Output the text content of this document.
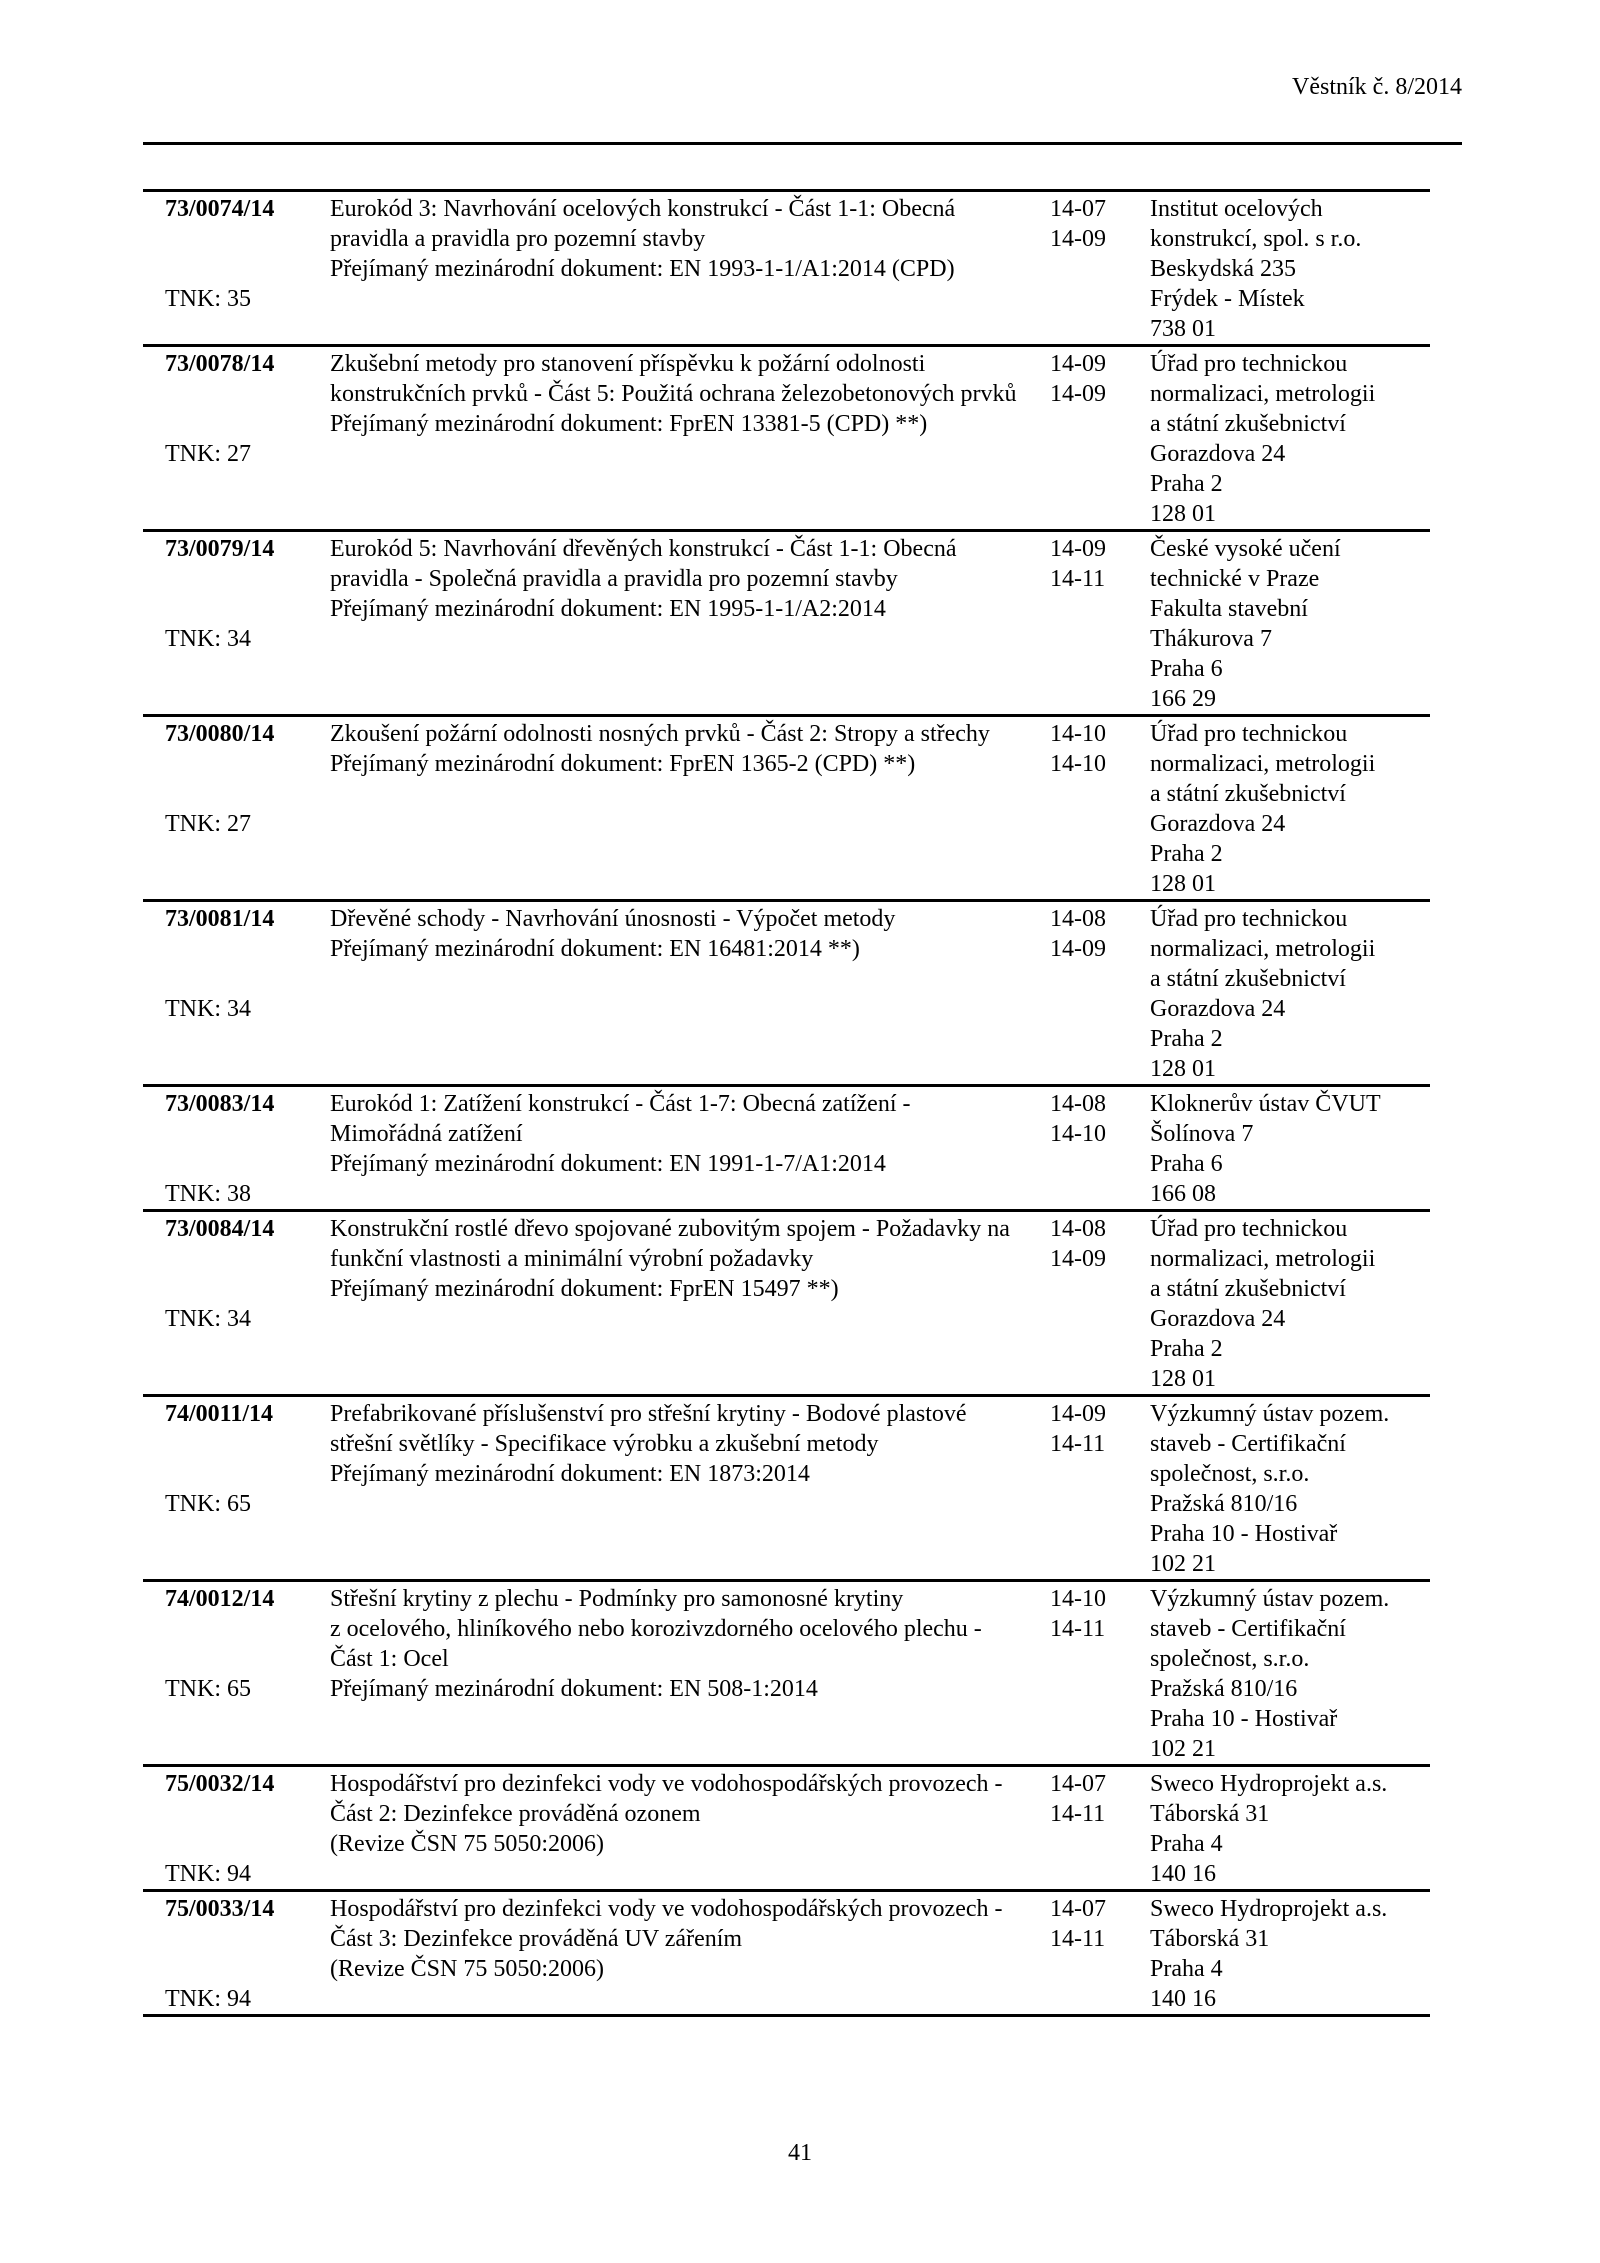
Věstník č. 8/2014
73/0074/14
TNK: 35
Eurokód 3: Navrhování ocelových konstrukcí - Část 1-1: Obecná
pravidla a pravidla pro pozemní stavby
Přejímaný mezinárodní dokument: EN 1993-1-1/A1:2014 (CPD)
14-07
14-09
Institut ocelových
konstrukcí, spol. s r.o.
Beskydská 235
Frýdek - Místek
738 01
73/0078/14
TNK: 27
Zkušební metody pro stanovení příspěvku k požární odolnosti
konstrukčních prvků - Část 5: Použitá ochrana železobetonových prvků
Přejímaný mezinárodní dokument: FprEN 13381-5 (CPD) **)
14-09
14-09
Úřad pro technickou
normalizaci, metrologii
a státní zkušebnictví
Gorazdova 24
Praha 2
128 01
73/0079/14
TNK: 34
Eurokód 5: Navrhování dřevěných konstrukcí - Část 1-1: Obecná
pravidla - Společná pravidla a pravidla pro pozemní stavby
Přejímaný mezinárodní dokument: EN 1995-1-1/A2:2014
14-09
14-11
České vysoké učení
technické v Praze
Fakulta stavební
Thákurova 7
Praha 6
166 29
73/0080/14
TNK: 27
Zkoušení požární odolnosti nosných prvků - Část 2: Stropy a střechy
Přejímaný mezinárodní dokument: FprEN 1365-2 (CPD) **)
14-10
14-10
Úřad pro technickou
normalizaci, metrologii
a státní zkušebnictví
Gorazdova 24
Praha 2
128 01
73/0081/14
TNK: 34
Dřevěné schody - Navrhování únosnosti - Výpočet metody
Přejímaný mezinárodní dokument: EN 16481:2014 **)
14-08
14-09
Úřad pro technickou
normalizaci, metrologii
a státní zkušebnictví
Gorazdova 24
Praha 2
128 01
73/0083/14
TNK: 38
Eurokód 1: Zatížení konstrukcí - Část 1-7: Obecná zatížení -
Mimořádná zatížení
Přejímaný mezinárodní dokument: EN 1991-1-7/A1:2014
14-08
14-10
Kloknerův ústav ČVUT
Šolínova 7
Praha 6
166 08
73/0084/14
TNK: 34
Konstrukční rostlé dřevo spojované zubovitým spojem - Požadavky na
funkční vlastnosti a minimální výrobní požadavky
Přejímaný mezinárodní dokument: FprEN 15497 **)
14-08
14-09
Úřad pro technickou
normalizaci, metrologii
a státní zkušebnictví
Gorazdova 24
Praha 2
128 01
74/0011/14
TNK: 65
Prefabrikované příslušenství pro střešní krytiny - Bodové plastové
střešní světlíky - Specifikace výrobku a zkušební metody
Přejímaný mezinárodní dokument: EN 1873:2014
14-09
14-11
Výzkumný ústav pozem.
staveb - Certifikační
společnost, s.r.o.
Pražská 810/16
Praha 10 - Hostivař
102 21
74/0012/14
TNK: 65
Střešní krytiny z plechu - Podmínky pro samonosné krytiny
z ocelového, hliníkového nebo korozivzdorného ocelového plechu -
Část 1: Ocel
Přejímaný mezinárodní dokument: EN 508-1:2014
14-10
14-11
Výzkumný ústav pozem.
staveb - Certifikační
společnost, s.r.o.
Pražská 810/16
Praha 10 - Hostivař
102 21
75/0032/14
TNK: 94
Hospodářství pro dezinfekci vody ve vodohospodářských provozech -
Část 2: Dezinfekce prováděná ozonem
(Revize ČSN 75 5050:2006)
14-07
14-11
Sweco Hydroprojekt a.s.
Táborská 31
Praha 4
140 16
75/0033/14
TNK: 94
Hospodářství pro dezinfekci vody ve vodohospodářských provozech -
Část 3: Dezinfekce prováděná UV zářením
(Revize ČSN 75 5050:2006)
14-07
14-11
Sweco Hydroprojekt a.s.
Táborská 31
Praha 4
140 16
41
